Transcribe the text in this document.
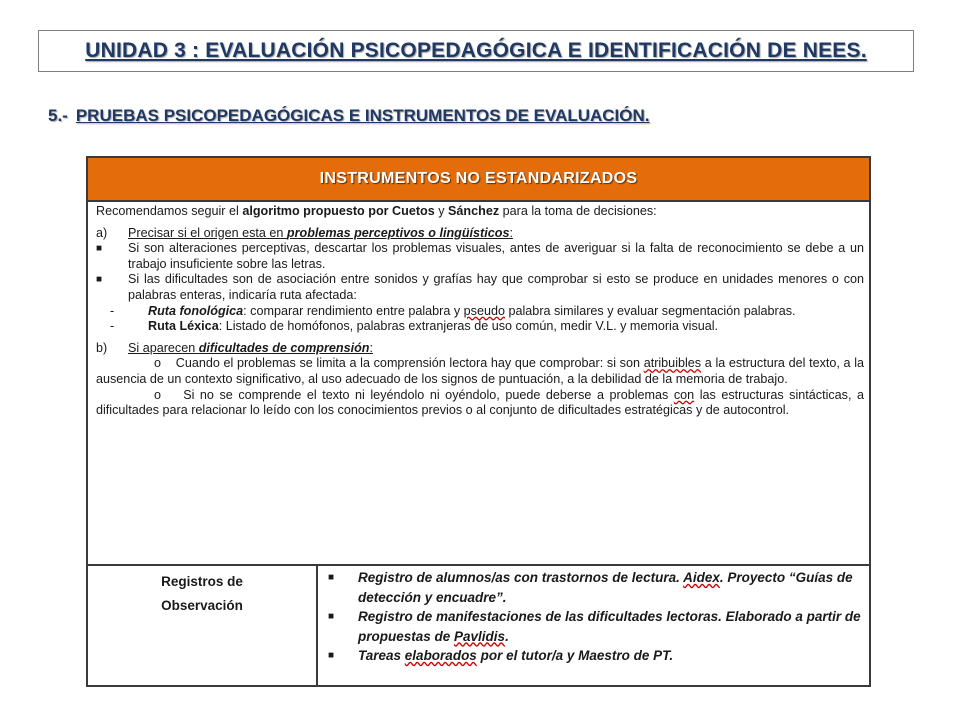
UNIDAD 3 : EVALUACIÓN PSICOPEDAGÓGICA E IDENTIFICACIÓN DE NEES.
5.- PRUEBAS PSICOPEDAGÓGICAS E INSTRUMENTOS DE EVALUACIÓN.
INSTRUMENTOS NO ESTANDARIZADOS

Recomendamos seguir el algoritmo propuesto por Cuetos y Sánchez para la toma de decisiones:

a)	Precisar si el origen esta en problemas perceptivos o lingüísticos:
■	Si son alteraciones perceptivas, descartar los problemas visuales, antes de averiguar si la falta de reconocimiento se debe a un trabajo insuficiente sobre las letras.
■	Si las dificultades son de asociación entre sonidos y grafías hay que comprobar si esto se produce en unidades menores o con palabras enteras, indicaría ruta afectada:
-	Ruta fonológica: comparar rendimiento entre palabra y pseudo palabra similares y evaluar segmentación palabras.
-	Ruta Léxica: Listado de homófonos, palabras extranjeras de uso común, medir V.L. y memoria visual.
b)	Si aparecen dificultades de comprensión:

o Cuando el problemas se limita a la comprensión lectora hay que comprobar: si son atribuibles a la estructura del texto, a la ausencia de un contexto significativo, al uso adecuado de los signos de puntuación, a la debilidad de la memoria de trabajo.

o Si no se comprende el texto ni leyéndolo ni oyéndolo, puede deberse a problemas con las estructuras sintácticas, a dificultades para relacionar lo leído con los conocimientos previos o al conjunto de dificultades estratégicas y de autocontrol.

Registros de
Observación
■	Registro de alumnos/as con trastornos de lectura. Aidex. Proyecto “Guías de detección y encuadre”.
■	Registro de manifestaciones de las dificultades lectoras. Elaborado a partir de propuestas de Pavlidis.
■	Tareas elaborados por el tutor/a y Maestro de PT.
